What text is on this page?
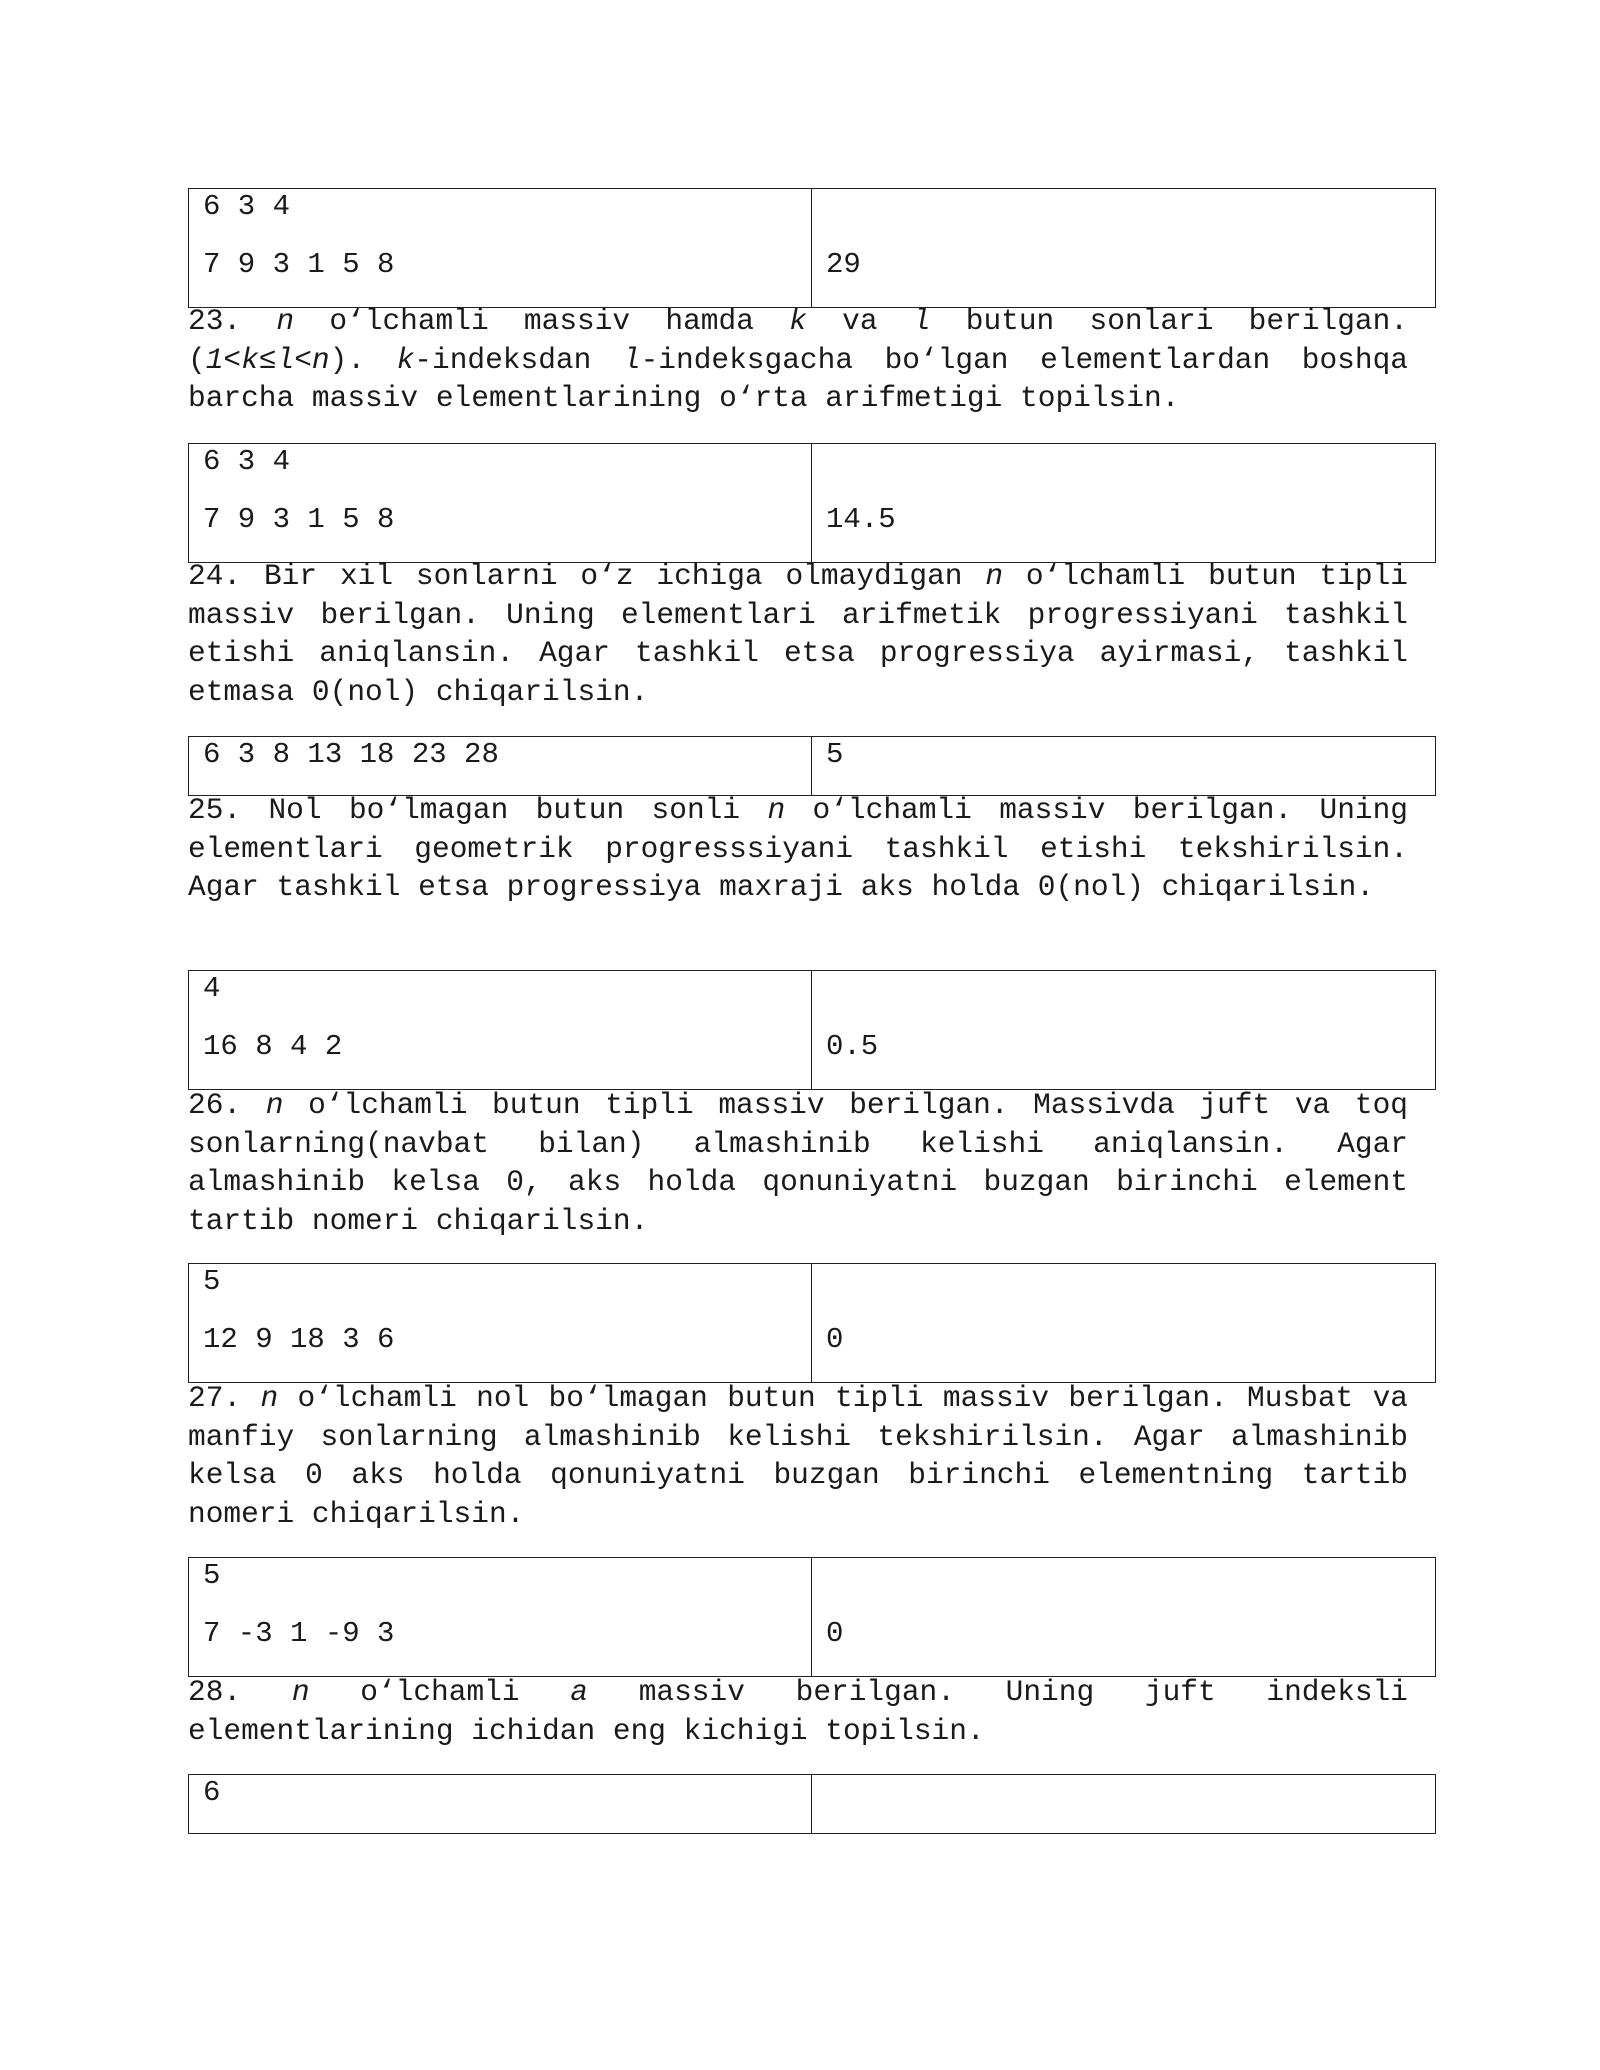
6 3 4

7 9 3 1 5 8	29

23. n o‘lchamli massiv hamda k va l butun sonlari berilgan. (1<k≤l<n). k-indeksdan l-indeksgacha bo‘lgan elementlardan boshqa barcha massiv elementlarining o‘rta arifmetigi topilsin.

6 3 4

7 9 3 1 5 8	14.5

24. Bir xil sonlarni o‘z ichiga olmaydigan n o‘lchamli butun tipli massiv berilgan. Uning elementlari arifmetik progressiyani tashkil etishi aniqlansin. Agar tashkil etsa progressiya ayirmasi, tashkil etmasa 0(nol) chiqarilsin.

6 3 8 13 18 23 28	5

25. Nol bo‘lmagan butun sonli n o‘lchamli massiv berilgan. Uning elementlari geometrik progresssiyani tashkil etishi tekshirilsin. Agar tashkil etsa progressiya maxraji aks holda 0(nol) chiqarilsin.

4

16 8 4 2	0.5

26. n o‘lchamli butun tipli massiv berilgan. Massivda juft va toq sonlarning(navbat bilan) almashinib kelishi aniqlansin. Agar almashinib kelsa 0, aks holda qonuniyatni buzgan birinchi element tartib nomeri chiqarilsin.

5

12 9 18 3 6	0

27. n o‘lchamli nol bo‘lmagan butun tipli massiv berilgan. Musbat va manfiy sonlarning almashinib kelishi tekshirilsin. Agar almashinib kelsa 0 aks holda qonuniyatni buzgan birinchi elementning tartib nomeri chiqarilsin.

5

7 -3 1 -9 3	0

28. n o‘lchamli a massiv berilgan. Uning juft indeksli elementlarining ichidan eng kichigi topilsin.

6
